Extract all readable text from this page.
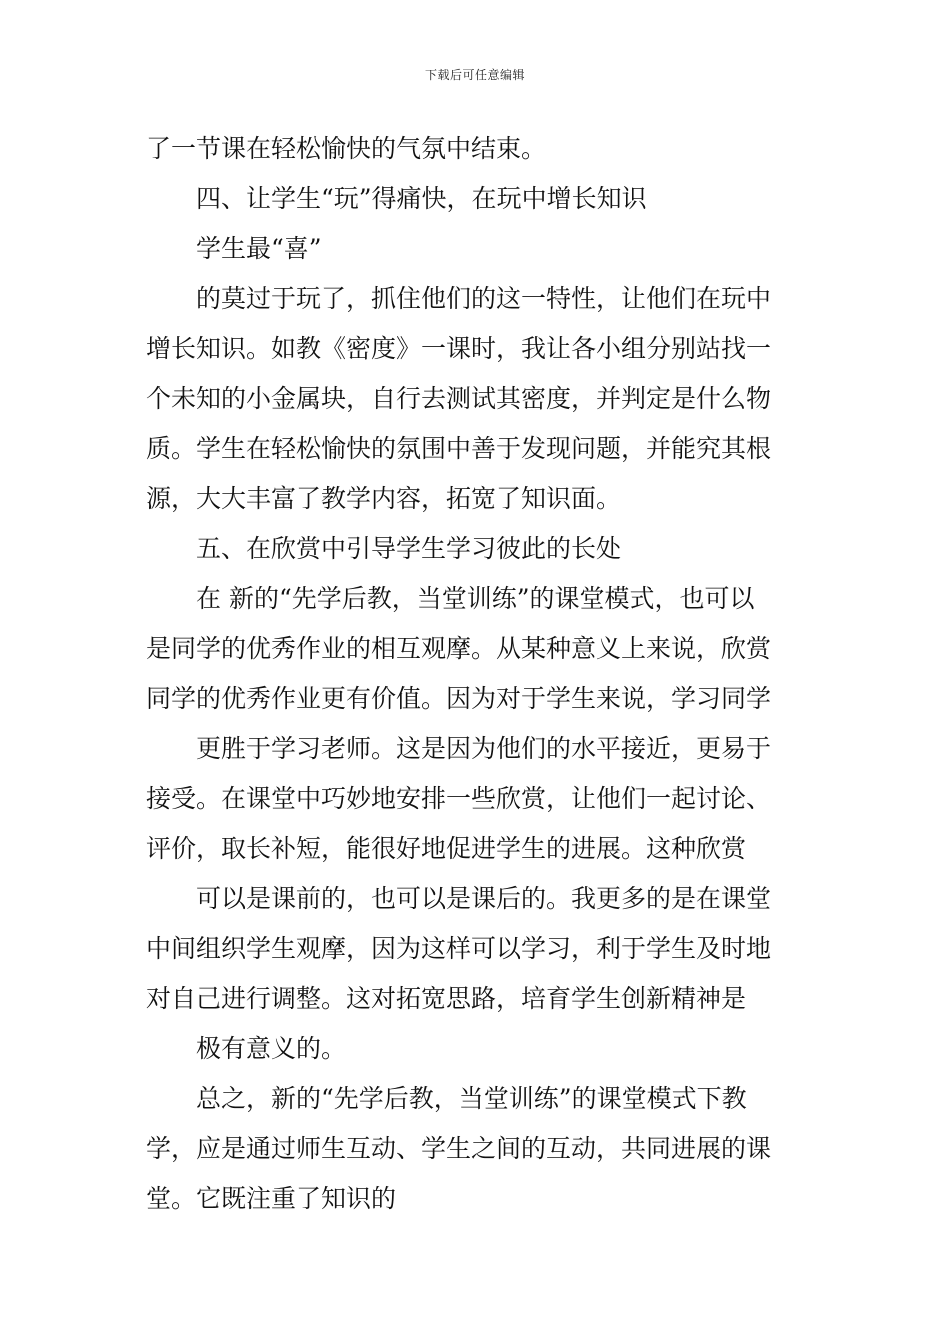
下载后可任意编辑
了一节课在轻松愉快的气氛中结束。
四、让学生“玩”得痛快，在玩中增长知识
学生最“喜”
的莫过于玩了，抓住他们的这一特性，让他们在玩中
增长知识。如教《密度》一课时，我让各小组分别站找一
个未知的小金属块，自行去测试其密度，并判定是什么物
质。学生在轻松愉快的氛围中善于发现问题，并能究其根
源，大大丰富了教学内容，拓宽了知识面。
五、在欣赏中引导学生学习彼此的长处
在 新的“先学后教，当堂训练”的课堂模式，也可以
是同学的优秀作业的相互观摩。从某种意义上来说，欣赏
同学的优秀作业更有价值。因为对于学生来说，学习同学
更胜于学习老师。这是因为他们的水平接近，更易于
接受。在课堂中巧妙地安排一些欣赏，让他们一起讨论、
评价，取长补短，能很好地促进学生的进展。这种欣赏
可以是课前的，也可以是课后的。我更多的是在课堂
中间组织学生观摩，因为这样可以学习，利于学生及时地
对自己进行调整。这对拓宽思路，培育学生创新精神是
极有意义的。
总之，新的“先学后教，当堂训练”的课堂模式下教
学，应是通过师生互动、学生之间的互动，共同进展的课
堂。它既注重了知识的
